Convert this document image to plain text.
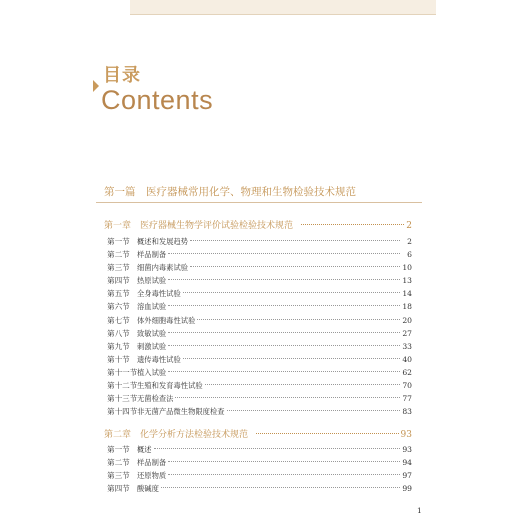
目录
Contents
第一篇　医疗器械常用化学、物理和生物检验技术规范
第一章　医疗器械生物学评价试验检验技术规范	2
第一节 概述和发展趋势	2
第二节 样品制备	6
第三节 细菌内毒素试验	10
第四节 热原试验	13
第五节 全身毒性试验	14
第六节 溶血试验	18
第七节 体外细胞毒性试验	20
第八节 致敏试验	27
第九节 刺激试验	33
第十节 遗传毒性试验	40
第十一节 植入试验	62
第十二节 生殖和发育毒性试验	70
第十三节 无菌检查法	77
第十四节 非无菌产品微生物限度检查	83
第二章　化学分析方法检验技术规范	93
第一节 概述	93
第二节 样品制备	94
第三节 还原物质	97
第四节 酸碱度	99
1
